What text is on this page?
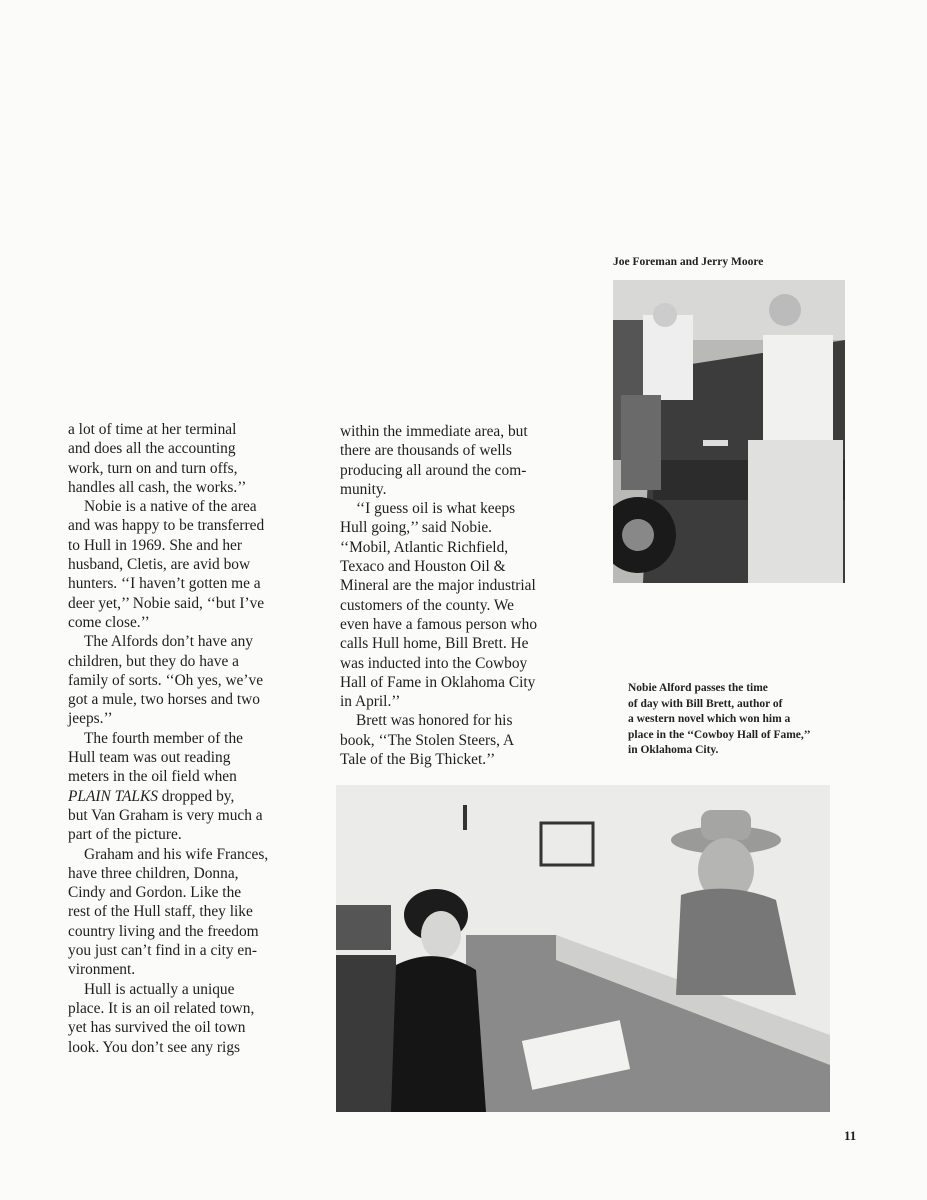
Joe Foreman and Jerry Moore
a lot of time at her terminal
and does all the accounting
work, turn on and turn offs,
handles all cash, the works.’’
Nobie is a native of the area
and was happy to be transferred
to Hull in 1969. She and her
husband, Cletis, are avid bow
hunters. ‘‘I haven’t gotten me a
deer yet,’’ Nobie said, ‘‘but I’ve
come close.’’
The Alfords don’t have any
children, but they do have a
family of sorts. ‘‘Oh yes, we’ve
got a mule, two horses and two
jeeps.’’
The fourth member of the
Hull team was out reading
meters in the oil field when
PLAIN TALKS dropped by,
but Van Graham is very much a
part of the picture.
Graham and his wife Frances,
have three children, Donna,
Cindy and Gordon. Like the
rest of the Hull staff, they like
country living and the freedom
you just can’t find in a city en-
vironment.
Hull is actually a unique
place. It is an oil related town,
yet has survived the oil town
look. You don’t see any rigs
within the immediate area, but
there are thousands of wells
producing all around the com-
munity.
‘‘I guess oil is what keeps
Hull going,’’ said Nobie.
‘‘Mobil, Atlantic Richfield,
Texaco and Houston Oil &
Mineral are the major industrial
customers of the county. We
even have a famous person who
calls Hull home, Bill Brett. He
was inducted into the Cowboy
Hall of Fame in Oklahoma City
in April.’’
Brett was honored for his
book, ‘‘The Stolen Steers, A
Tale of the Big Thicket.’’
Nobie Alford passes the time
of day with Bill Brett, author of
a western novel which won him a
place in the ‘‘Cowboy Hall of Fame,’’
in Oklahoma City.
11
